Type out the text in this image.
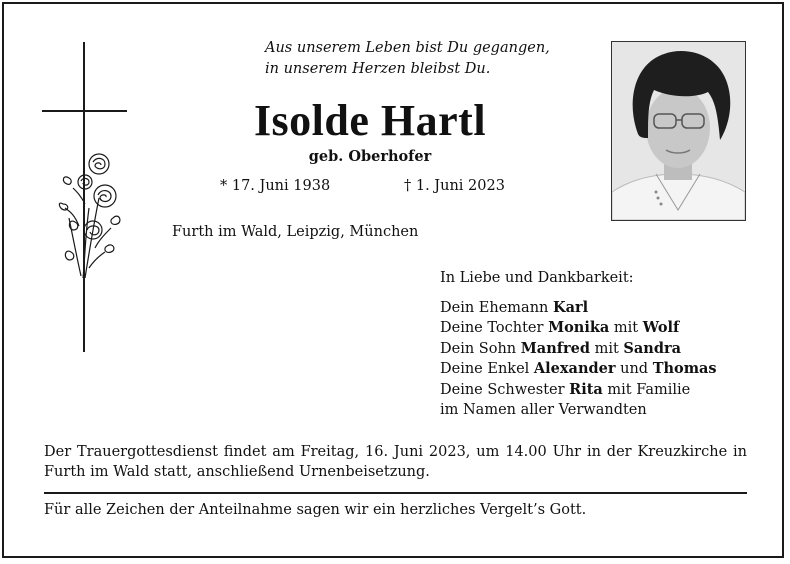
Aus unserem Leben bist Du gegangen,
in unserem Herzen bleibst Du.
Isolde Hartl
geb. Oberhofer
* 17. Juni 1938	† 1. Juni 2023
Furth im Wald, Leipzig, München
In Liebe und Dankbarkeit:
Dein Ehemann Karl
Deine Tochter Monika mit Wolf
Dein Sohn Manfred mit Sandra
Deine Enkel Alexander und Thomas
Deine Schwester Rita mit Familie
im Namen aller Verwandten
Der Trauergottesdienst findet am Freitag, 16. Juni 2023, um 14.00 Uhr in der Kreuzkirche in Furth im Wald statt, anschließend Urnenbeisetzung.
Für alle Zeichen der Anteilnahme sagen wir ein herzliches Vergelt’s Gott.
